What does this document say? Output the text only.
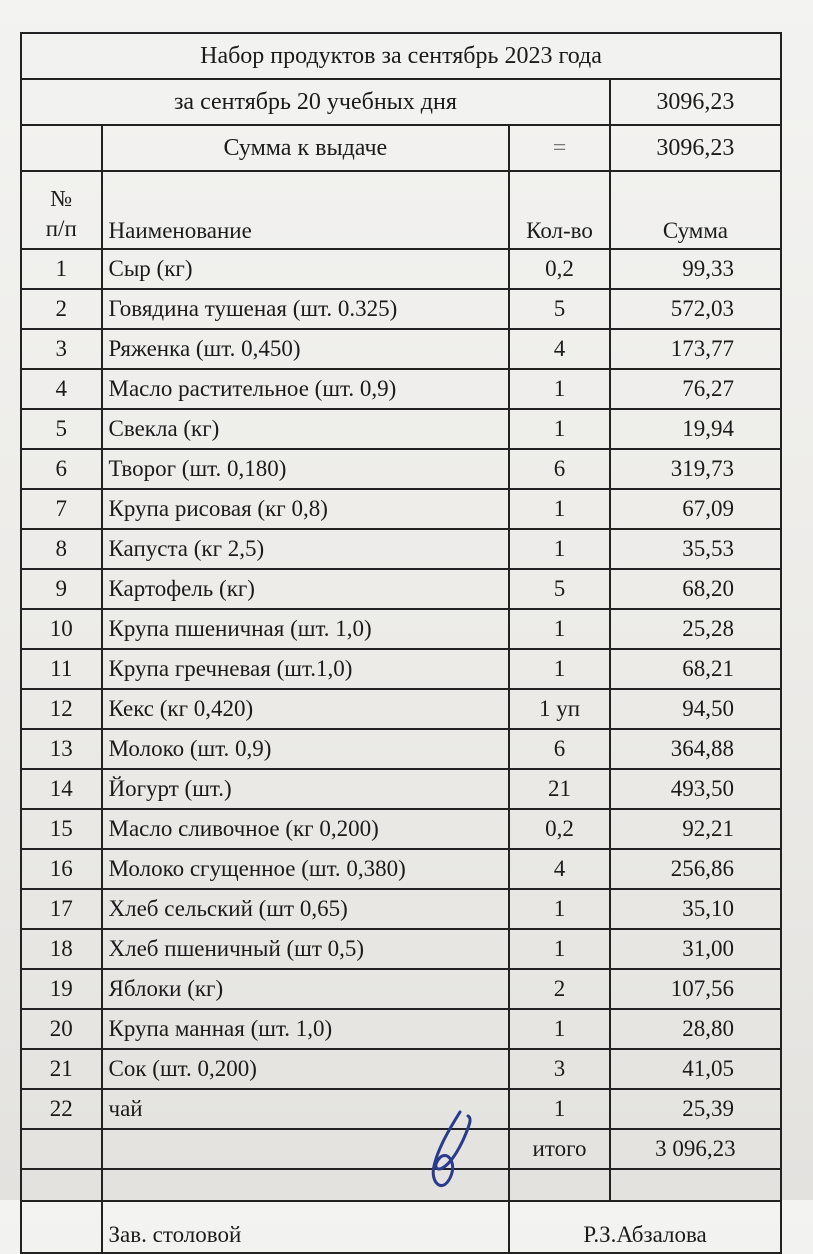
Набор продуктов за сентябрь 2023 года			
за сентябрь 20 учебных дня			3096,23
	Сумма к выдаче	=	3096,23

№
п/п	Наименование	Кол-во	Сумма
1	Сыр (кг)	0,2	99,33
2	Говядина тушеная (шт. 0.325)	5	572,03
3	Ряженка (шт. 0,450)	4	173,77
4	Масло растительное (шт. 0,9)	1	76,27
5	Свекла (кг)	1	19,94
6	Творог (шт. 0,180)	6	319,73
7	Крупа рисовая (кг 0,8)	1	67,09
8	Капуста (кг 2,5)	1	35,53
9	Картофель (кг)	5	68,20
10	Крупа пшеничная (шт. 1,0)	1	25,28
11	Крупа гречневая (шт.1,0)	1	68,21
12	Кекс (кг 0,420)	1 уп	94,50
13	Молоко (шт. 0,9)	6	364,88
14	Йогурт (шт.)	21	493,50
15	Масло сливочное (кг 0,200)	0,2	92,21
16	Молоко сгущенное (шт. 0,380)	4	256,86
17	Хлеб сельский (шт 0,65)	1	35,10
18	Хлеб пшеничный (шт 0,5)	1	31,00
19	Яблоки (кг)	2	107,56
20	Крупа манная (шт. 1,0)	1	28,80
21	Сок (шт. 0,200)	3	41,05
22	чай	1	25,39
		итого	3 096,23

	Зав. столовой	Р.З.Абзалова	
